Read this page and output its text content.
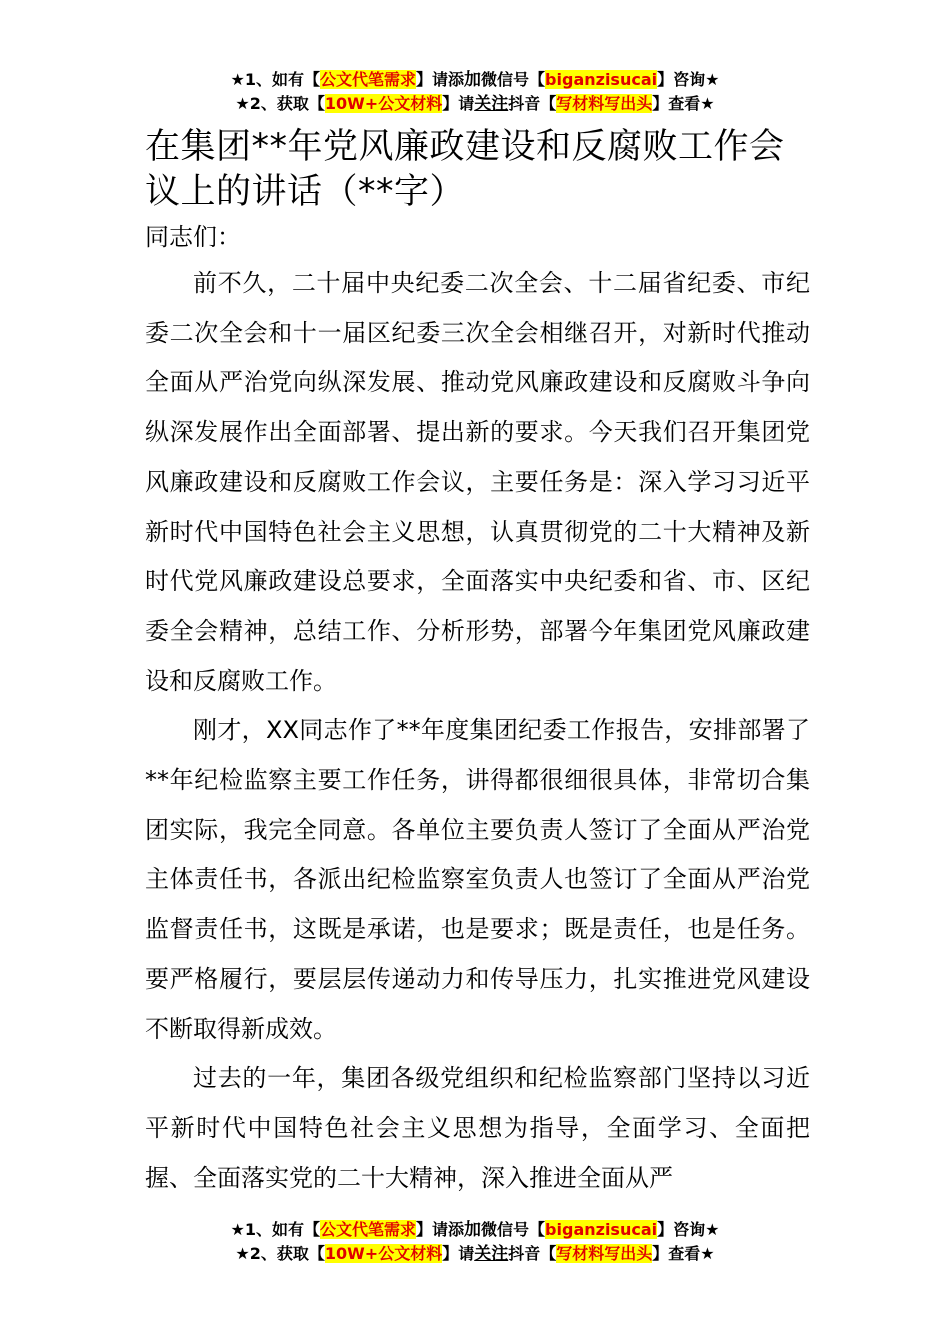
★1、如有【公文代笔需求】请添加微信号【biganzisucai】咨询★
★2、获取【10W+公文材料】请关注抖音【写材料写出头】查看★
在集团**年党风廉政建设和反腐败工作会议上的讲话（**字）

同志们：

前不久，二十届中央纪委二次全会、十二届省纪委、市纪委二次全会和十一届区纪委三次全会相继召开，对新时代推动全面从严治党向纵深发展、推动党风廉政建设和反腐败斗争向纵深发展作出全面部署、提出新的要求。今天我们召开集团党风廉政建设和反腐败工作会议，主要任务是：深入学习习近平新时代中国特色社会主义思想，认真贯彻党的二十大精神及新时代党风廉政建设总要求，全面落实中央纪委和省、市、区纪委全会精神，总结工作、分析形势，部署今年集团党风廉政建设和反腐败工作。

刚才，XX同志作了**年度集团纪委工作报告，安排部署了**年纪检监察主要工作任务，讲得都很细很具体，非常切合集团实际，我完全同意。各单位主要负责人签订了全面从严治党主体责任书，各派出纪检监察室负责人也签订了全面从严治党监督责任书，这既是承诺，也是要求；既是责任，也是任务。要严格履行，要层层传递动力和传导压力，扎实推进党风建设不断取得新成效。

过去的一年，集团各级党组织和纪检监察部门坚持以习近平新时代中国特色社会主义思想为指导，全面学习、全面把握、全面落实党的二十大精神，深入推进全面从严

★1、如有【公文代笔需求】请添加微信号【biganzisucai】咨询★
★2、获取【10W+公文材料】请关注抖音【写材料写出头】查看★
